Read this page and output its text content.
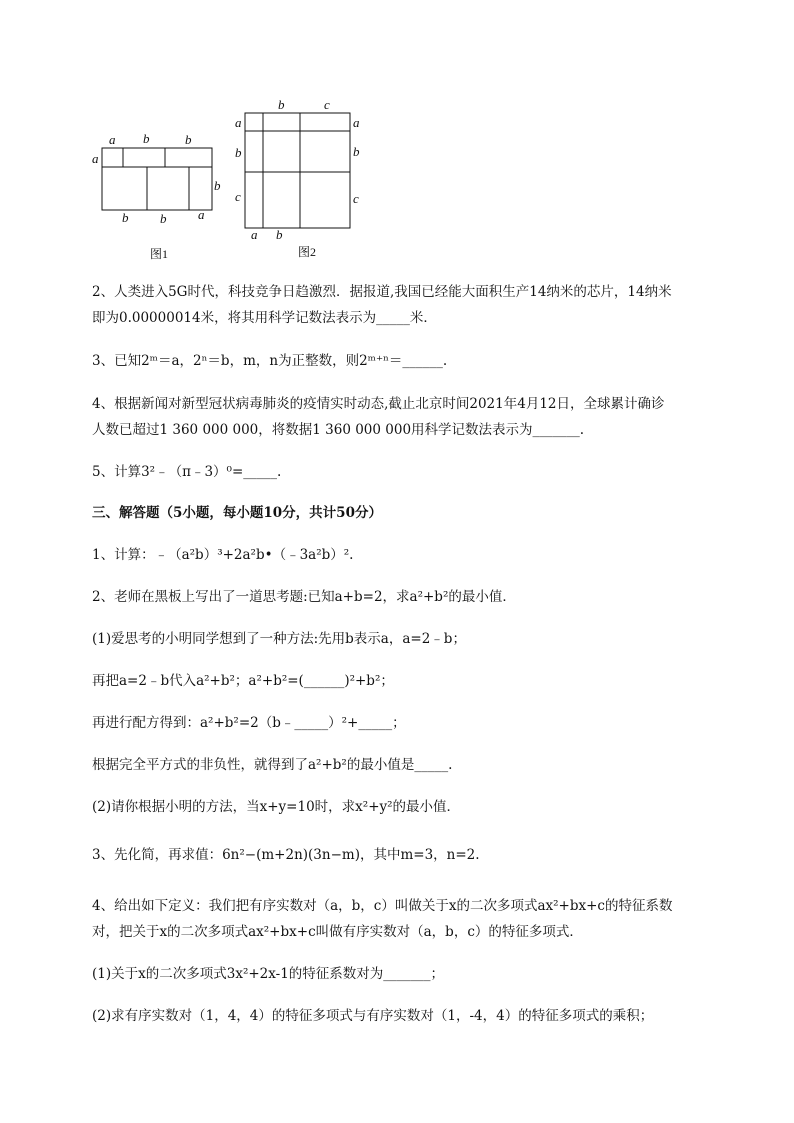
a b	b
a
b
b b a
图1
b	c
a
b
c
a
b
c
a b
图2
2、人类进入5G时代，科技竞争日趋激烈．据报道,我国已经能大面积生产14纳米的芯片，14纳米
即为0.00000014米，将其用科学记数法表示为_____米．
3、已知2ᵐ＝a，2ⁿ＝b，m，n为正整数，则2ᵐ⁺ⁿ＝______.
4、根据新闻对新型冠状病毒肺炎的疫情实时动态,截止北京时间2021年4月12日，全球累计确诊
人数已超过1 360 000 000，将数据1 360 000 000用科学记数法表示为_______.
5、计算3²﹣（π﹣3）⁰=_____.
三、解答题（5小题，每小题10分，共计50分）
1、计算：﹣（a²b）³+2a²b•（﹣3a²b）².
2、老师在黑板上写出了一道思考题:已知a+b=2，求a²+b²的最小值．
(1)爱思考的小明同学想到了一种方法:先用b表示a，a=2﹣b；
再把a=2﹣b代入a²+b²；a²+b²=(______)²+b²；
再进行配方得到：a²+b²=2（b﹣_____）²+_____；
根据完全平方式的非负性，就得到了a²+b²的最小值是_____.
(2)请你根据小明的方法，当x+y=10时，求x²+y²的最小值．
3、先化简，再求值：6n²−(m+2n)(3n−m)，其中m=3，n=2.
4、给出如下定义：我们把有序实数对（a，b，c）叫做关于x的二次多项式ax²+bx+c的特征系数
对，把关于x的二次多项式ax²+bx+c叫做有序实数对（a，b，c）的特征多项式．
(1)关于x的二次多项式3x²+2x-1的特征系数对为_______；
(2)求有序实数对（1，4，4）的特征多项式与有序实数对（1，-4，4）的特征多项式的乘积；
